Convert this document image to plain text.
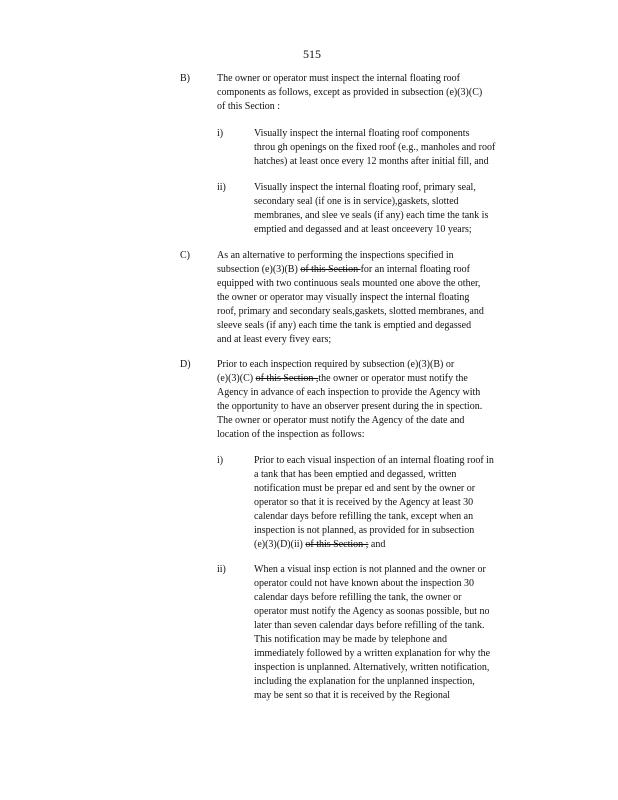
515
B)	The owner or operator must inspect the internal floating roof
components as follows, except as provided in subsection (e)(3)(C)
of this Section :
i)	Visually inspect the internal floating roof components
throu gh openings on the fixed roof (e.g., manholes and roof
hatches) at least once every 12 months after initial fill, and
ii)	Visually inspect the internal floating roof, primary seal,
secondary seal (if one is in service),gaskets, slotted
membranes, and slee ve seals (if any) each time the tank is
emptied and degassed and at least onceevery 10 years;
C)	As an alternative to performing the inspections specified in
subsection (e)(3)(B) of this Section for an internal floating roof
equipped with two continuous seals mounted one above the other,
the owner or operator may visually inspect the internal floating
roof, primary and secondary seals,gaskets, slotted membranes, and
sleeve seals (if any) each time the tank is emptied and degassed
and at least every fivey ears;
D)	Prior to each inspection required by subsection (e)(3)(B) or
(e)(3)(C) of this Section ,the owner or operator must notify the
Agency in advance of each inspection to provide the Agency with
the opportunity to have an observer present during the in spection.
The owner or operator must notify the Agency of the date and
location of the inspection as follows:
i)	Prior to each visual inspection of an internal floating roof in
a tank that has been emptied and degassed, written
notification must be prepar ed and sent by the owner or
operator so that it is received by the Agency at least 30
calendar days before refilling the tank, except when an
inspection is not planned, as provided for in subsection
(e)(3)(D)(ii) of this Section ; and
ii)	When a visual insp ection is not planned and the owner or
operator could not have known about the inspection 30
calendar days before refilling the tank, the owner or
operator must notify the Agency as soonas possible, but no
later than seven calendar days before refilling of the tank.
This notification may be made by telephone and
immediately followed by a written explanation for why the
inspection is unplanned. Alternatively, written notification,
including the explanation for the unplanned inspection,
may be sent so that it is received by the Regional
